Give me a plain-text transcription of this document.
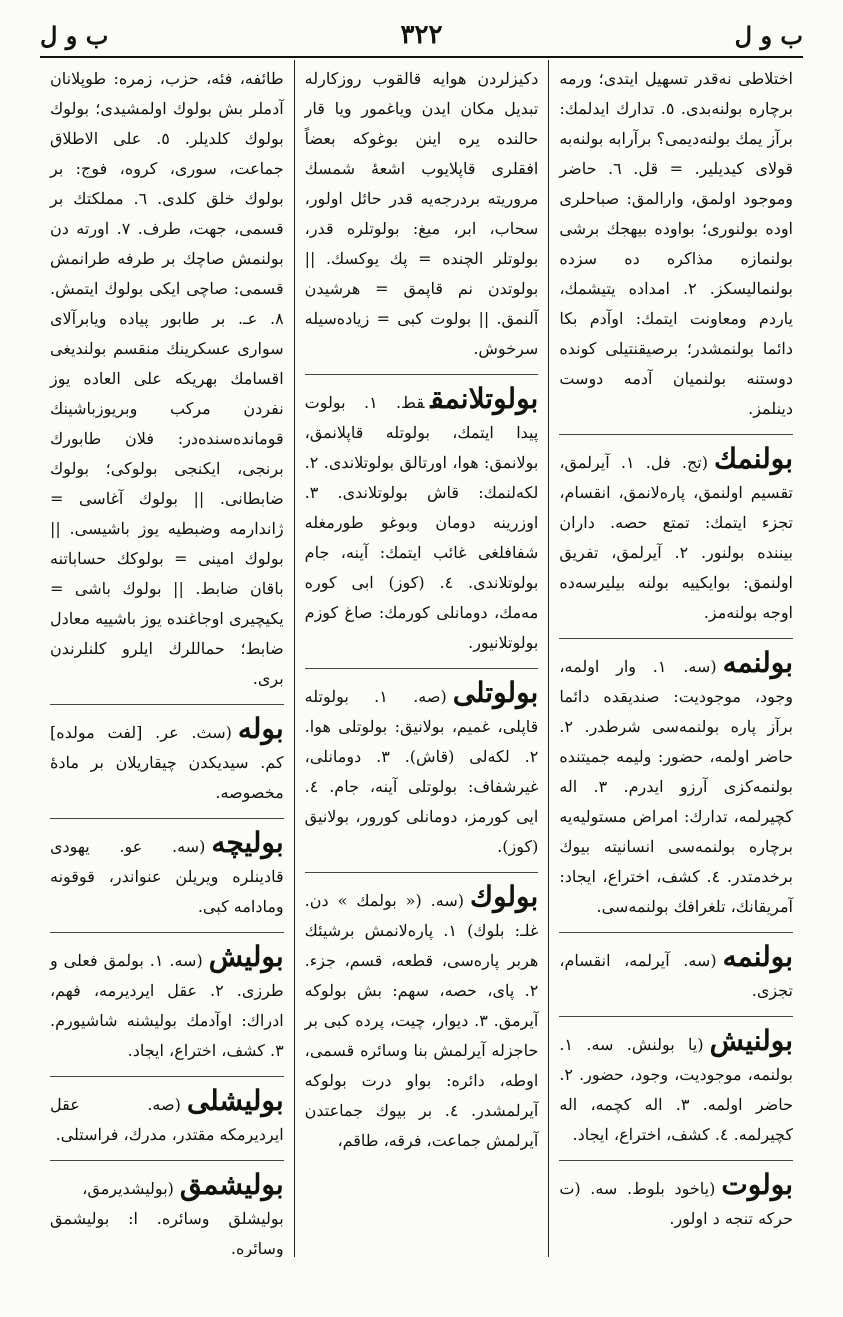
ب و ل	٣٢٢	ب و ل

اختلاطی نەقدر تسهیل ایتدی؛ ورمه برچاره بولنەبدی. ٥. تدارك ایدلمك: برآز یمك بولنەدیمی؟ برآرابه بولنەبه قولای کیدیلیر. = قل. ٦. حاضر وموجود اولمق، وارالمق: صباحلری اوده بولنوری؛ بواوده بیهجك برشی بولنمازه مذاکره ده سزده بولنمالیسکز. ٢. امداده یتیشمك، یاردم ومعاونت ایتمك: اوآدم بکا دائما بولنمشدر؛ برصیقنتیلی کونده دوستنه بولنمیان آدمه دوست دینلمز.

بولنمك(تج. فل. ١. آیرلمق، تقسیم اولنمق، پارەلانمق، انقسام، تجزء ایتمك: تمتع حصه. داران بیننده بولنور. ٢. آیرلمق، تفریق اولنمق: بوایکییه بولنه بیلیرسەده اوجه بولنەمز.

بولنمه(سە. ١. وار اولمه، وجود، موجودیت: صندیقده دائما برآز پاره بولنمەسی شرطدر. ٢. حاضر اولمه، حضور: ولیمه جمیتنده بولنمەکزی آرزو ایدرم. ٣. اله کچیرلمه، تدارك: امراض مستولیەیه برچاره بولنمەسی انسانیته بیوك برخدمتدر. ٤. کشف، اختراع، ایجاد: آمریقانك، تلغرافك بولنمەسی.

بولنمه(سە. آیرلمه، انقسام، تجزی.

بولنیش(یا بولنش. سە. ١. بولنمه، موجودیت، وجود، حضور. ٢. حاضر اولمه. ٣. اله کچمه، اله کچیرلمه. ٤. کشف، اختراع، ایجاد.

بولوت(یاخود بلوط. سە. (ت حرکه تنجه د اولور.

دکیزلردن هوایه قالقوب روزکارله تبدیل مکان ایدن ویاغمور ویا قار حالنده یره اینن بوغوکه بعضاً افقلری قاپلایوب اشعهٔ شمسك مروریته بردرجەیه قدر حائل اولور، سحاب، ابر، میغ: بولوتلره قدر، بولوتلر الچنده = پك یوکسك. || بولوتدن نم قاپمق = هرشیدن آلنمق. || بولوت کبی = زیادەسیله سرخوش.

بولوتلانمققط. ١. بولوت پیدا ایتمك، بولوتله قاپلانمق، بولانمق: هوا، اورتالق بولوتلاندی. ٢. لکەلنمك: قاش بولوتلاندی. ٣. اوزرینه دومان وبوغو طورمغله شفافلغی غائب ایتمك: آینه، جام بولوتلاندی. ٤. (کوز) ابی کوره مەمك، دومانلی کورمك: صاغ کوزم بولوتلانیور.

بولوتلی(صە. ١. بولوتله قاپلی، غمیم، بولانیق: بولوتلی هوا. ٢. لکەلی (قاش). ٣. دومانلی، غیرشفاف: بولوتلی آینه، جام. ٤. ایی کورمز، دومانلی کورور، بولانیق (کوز).

بولوك(سە. (« بولمك » دن. غلـ: بلوك) ١. پارەلانمش برشیئك هربر پارەسی، قطعه، قسم، جزء. ٢. پای، حصه، سهم: بش بولوکه آیرمق. ٣. دیوار، چیت، پرده کبی بر حاجزله آیرلمش بنا وسائره قسمی، اوطه، دائره: بواو درت بولوکه آیرلمشدر. ٤. بر بیوك جماعتدن آیرلمش جماعت، فرقه، طاقم،

طائفه، فئه، حزب، زمره: طوپلانان آدملر بش بولوك اولمشیدی؛ بولوك بولوك کلدیلر. ٥. علی الاطلاق جماعت، سوری، کروه، فوج: بر بولوك خلق کلدی. ٦. مملکتك بر قسمی، جهت، طرف. ٧. اورته دن بولنمش صاچك بر طرفه طرانمش قسمی: صاچی ایکی بولوك ایتمش. ٨. عـ. بر طابور پیاده ویابرآلای سواری عسکرینك منقسم بولندیغی اقسامك بهریکه علی العاده یوز نفردن مرکب وبریوزباشینك قوماندەسندەدر: فلان طابورك برنجی، ایکنجی بولوکی؛ بولوك ضابطانی. || بولوك آغاسی = ژاندارمه وضبطیه یوز باشیسی. || بولوك امینی = بولوکك حساباتنه باقان ضابط. || بولوك باشی = یکیچیری اوجاغنده یوز باشییه معادل ضابط؛ حماللرك ایلرو کلنلرندن بری.

بوله(سث. عر. [لفت مولده] کم. سیدیکدن چیقاریلان بر مادهٔ مخصوصه.

بولیچه(سە. عو. یهودی قادینلره ویریلن عنواندر، قوقونه ومادامه کبی.

بولیش(سە. ١. بولمق فعلی و طرزی. ٢. عقل ایردیرمه، فهم، ادراك: اوآدمك بولیشنه شاشیورم. ٣. کشف، اختراع، ایجاد.

بولیشلی(صە. عقل ایردیرمکه مقتدر، مدرك، فراستلی.

بولیشمق(بولیشدیرمق، بولیشلق وسائره. ا: بولیشمق وسائره.
